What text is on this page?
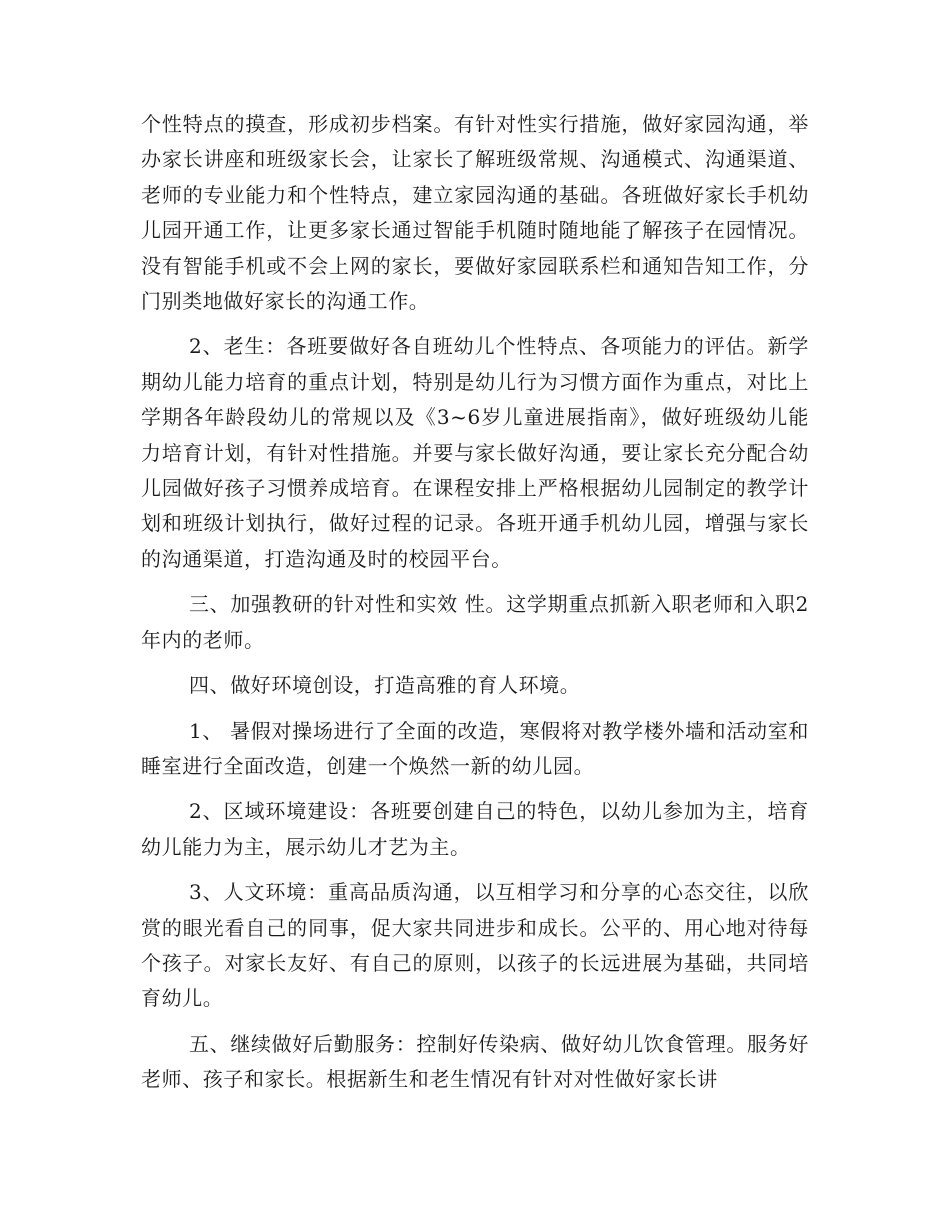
个性特点的摸查，形成初步档案。有针对性实行措施，做好家园沟通，举办家长讲座和班级家长会，让家长了解班级常规、沟通模式、沟通渠道、老师的专业能力和个性特点，建立家园沟通的基础。各班做好家长手机幼儿园开通工作，让更多家长通过智能手机随时随地能了解孩子在园情况。没有智能手机或不会上网的家长，要做好家园联系栏和通知告知工作，分门别类地做好家长的沟通工作。

2、老生：各班要做好各自班幼儿个性特点、各项能力的评估。新学期幼儿能力培育的重点计划，特别是幼儿行为习惯方面作为重点，对比上学期各年龄段幼儿的常规以及《3~6岁儿童进展指南》，做好班级幼儿能力培育计划，有针对性措施。并要与家长做好沟通，要让家长充分配合幼儿园做好孩子习惯养成培育。在课程安排上严格根据幼儿园制定的教学计划和班级计划执行，做好过程的记录。各班开通手机幼儿园，增强与家长的沟通渠道，打造沟通及时的校园平台。

三、加强教研的针对性和实效 性。这学期重点抓新入职老师和入职2年内的老师。

四、做好环境创设，打造高雅的育人环境。

1、 暑假对操场进行了全面的改造，寒假将对教学楼外墙和活动室和睡室进行全面改造，创建一个焕然一新的幼儿园。

2、区域环境建设：各班要创建自己的特色，以幼儿参加为主，培育幼儿能力为主，展示幼儿才艺为主。

3、人文环境：重高品质沟通，以互相学习和分享的心态交往，以欣赏的眼光看自己的同事，促大家共同进步和成长。公平的、用心地对待每个孩子。对家长友好、有自己的原则，以孩子的长远进展为基础，共同培育幼儿。

五、继续做好后勤服务：控制好传染病、做好幼儿饮食管理。服务好老师、孩子和家长。根据新生和老生情况有针对对性做好家长讲
